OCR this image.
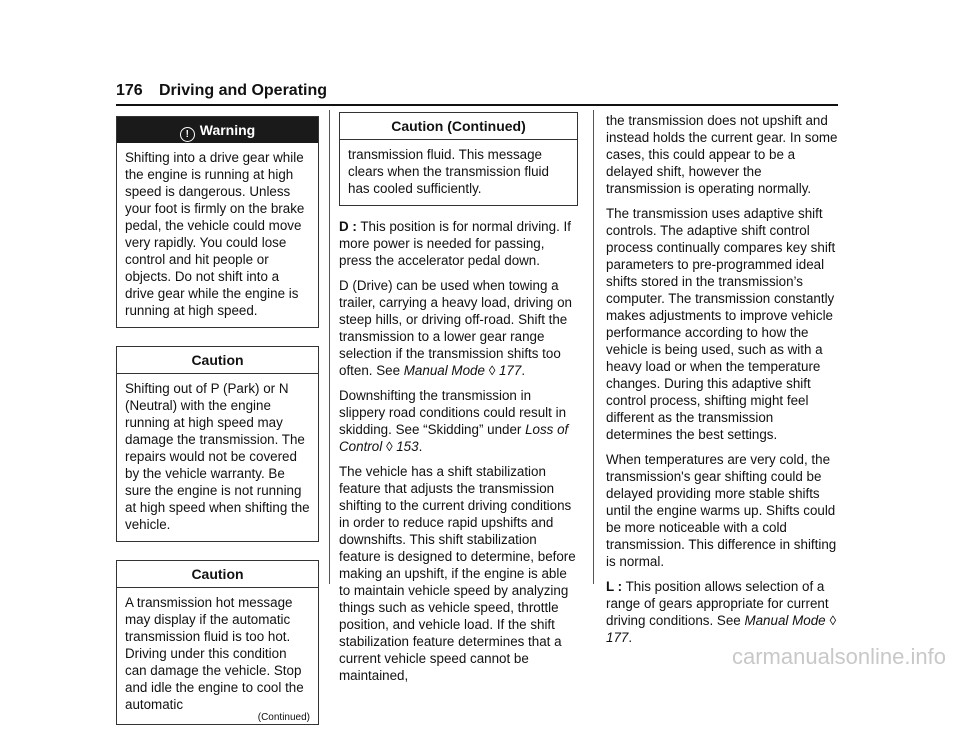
176 Driving and Operating
! Warning
Shifting into a drive gear while the engine is running at high speed is dangerous. Unless your foot is firmly on the brake pedal, the vehicle could move very rapidly. You could lose control and hit people or objects. Do not shift into a drive gear while the engine is running at high speed.
Caution
Shifting out of P (Park) or N (Neutral) with the engine running at high speed may damage the transmission. The repairs would not be covered by the vehicle warranty. Be sure the engine is not running at high speed when shifting the vehicle.
Caution
A transmission hot message may display if the automatic transmission fluid is too hot. Driving under this condition can damage the vehicle. Stop and idle the engine to cool the automatic
(Continued)
Caution (Continued)
transmission fluid. This message clears when the transmission fluid has cooled sufficiently.

D : This position is for normal driving. If more power is needed for passing, press the accelerator pedal down.

D (Drive) can be used when towing a trailer, carrying a heavy load, driving on steep hills, or driving off-road. Shift the transmission to a lower gear range selection if the transmission shifts too often. See Manual Mode ◊ 177.

Downshifting the transmission in slippery road conditions could result in skidding. See “Skidding” under Loss of Control ◊ 153.

The vehicle has a shift stabilization feature that adjusts the transmission shifting to the current driving conditions in order to reduce rapid upshifts and downshifts. This shift stabilization feature is designed to determine, before making an upshift, if the engine is able to maintain vehicle speed by analyzing things such as vehicle speed, throttle position, and vehicle load. If the shift stabilization feature determines that a current vehicle speed cannot be maintained,

the transmission does not upshift and instead holds the current gear. In some cases, this could appear to be a delayed shift, however the transmission is operating normally.

The transmission uses adaptive shift controls. The adaptive shift control process continually compares key shift parameters to pre-programmed ideal shifts stored in the transmission’s computer. The transmission constantly makes adjustments to improve vehicle performance according to how the vehicle is being used, such as with a heavy load or when the temperature changes. During this adaptive shift control process, shifting might feel different as the transmission determines the best settings.

When temperatures are very cold, the transmission's gear shifting could be delayed providing more stable shifts until the engine warms up. Shifts could be more noticeable with a cold transmission. This difference in shifting is normal.

L : This position allows selection of a range of gears appropriate for current driving conditions. See Manual Mode ◊ 177.

carmanualsonline.info
